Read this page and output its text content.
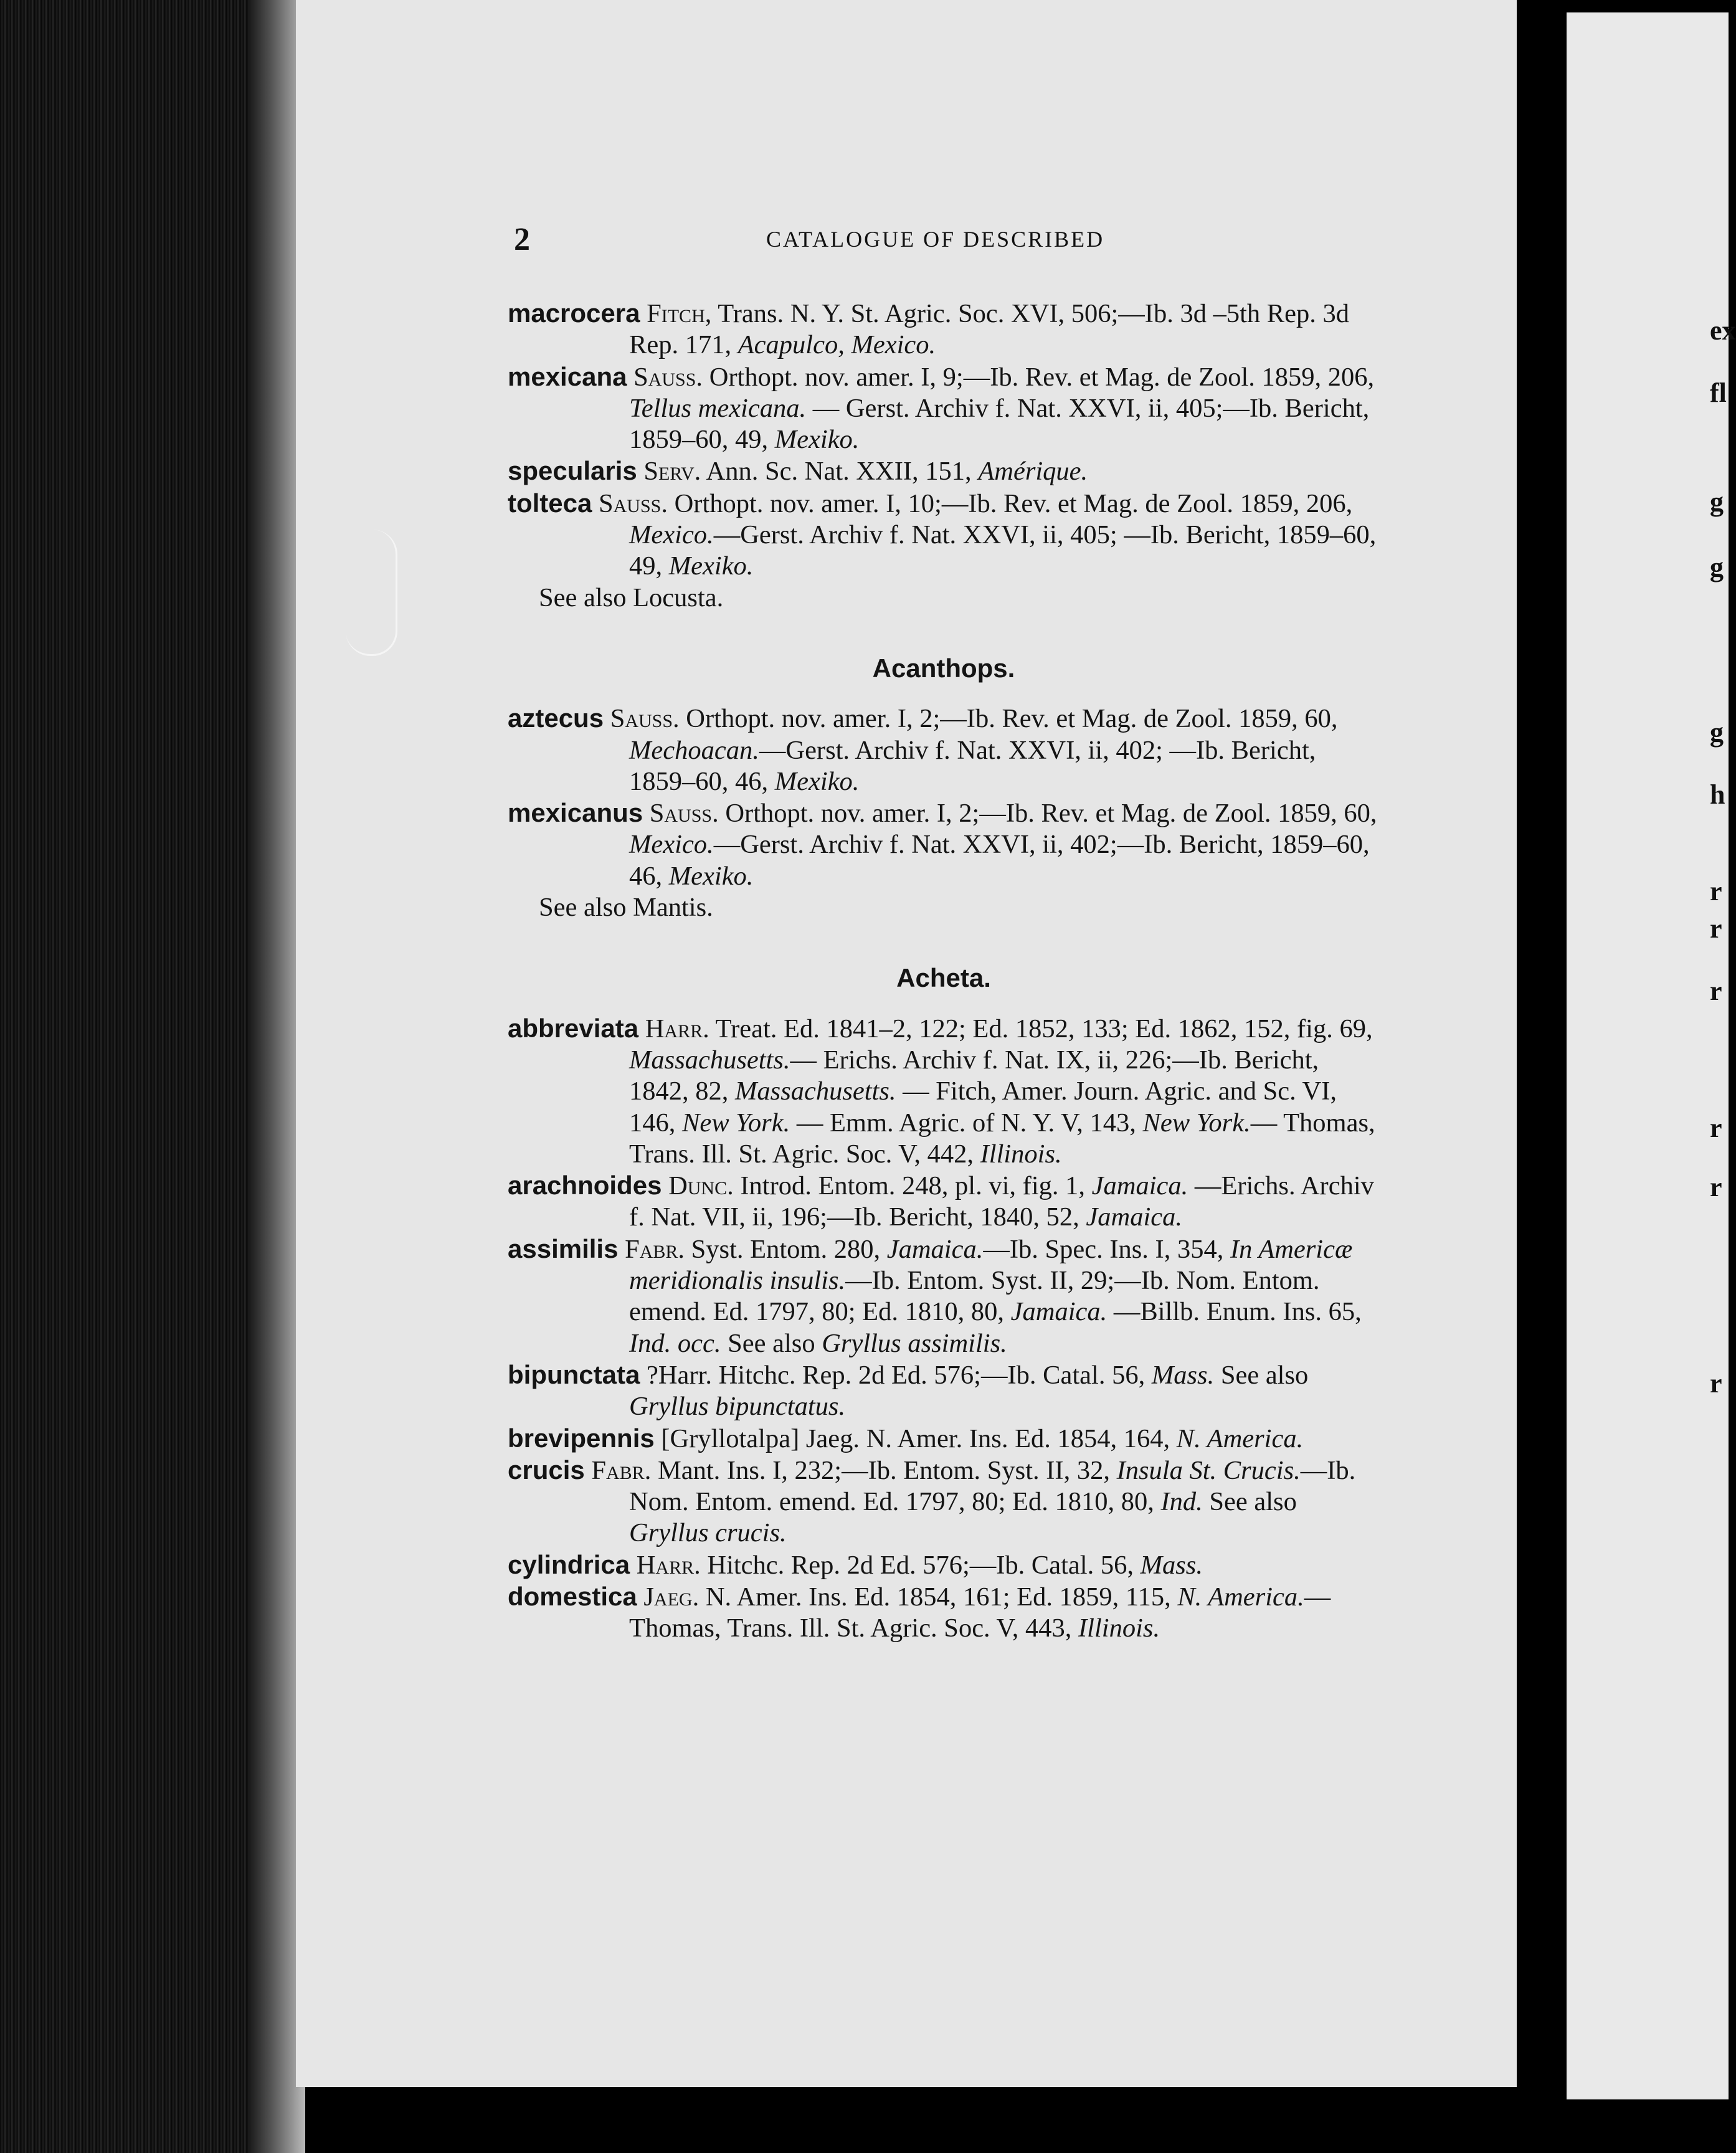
ex
fl
g
g
g
h
r
r
r
r
r
r
2	CATALOGUE OF DESCRIBED
macrocera Fitch, Trans. N. Y. St. Agric. Soc. XVI, 506;—Ib. 3d –5th Rep. 3d Rep. 171, Acapulco, Mexico.
mexicana Sauss. Orthopt. nov. amer. I, 9;—Ib. Rev. et Mag. de Zool. 1859, 206, Tellus mexicana. — Gerst. Archiv f. Nat. XXVI, ii, 405;—Ib. Bericht, 1859–60, 49, Mexiko.
specularis Serv. Ann. Sc. Nat. XXII, 151, Amérique.
tolteca Sauss. Orthopt. nov. amer. I, 10;—Ib. Rev. et Mag. de Zool. 1859, 206, Mexico.—Gerst. Archiv f. Nat. XXVI, ii, 405; —Ib. Bericht, 1859–60, 49, Mexiko.
See also Locusta.
Acanthops.
aztecus Sauss. Orthopt. nov. amer. I, 2;—Ib. Rev. et Mag. de Zool. 1859, 60, Mechoacan.—Gerst. Archiv f. Nat. XXVI, ii, 402; —Ib. Bericht, 1859–60, 46, Mexiko.
mexicanus Sauss. Orthopt. nov. amer. I, 2;—Ib. Rev. et Mag. de Zool. 1859, 60, Mexico.—Gerst. Archiv f. Nat. XXVI, ii, 402;—Ib. Bericht, 1859–60, 46, Mexiko.
See also Mantis.
Acheta.
abbreviata Harr. Treat. Ed. 1841–2, 122; Ed. 1852, 133; Ed. 1862, 152, fig. 69, Massachusetts.— Erichs. Archiv f. Nat. IX, ii, 226;—Ib. Bericht, 1842, 82, Massachusetts. — Fitch, Amer. Journ. Agric. and Sc. VI, 146, New York. — Emm. Agric. of N. Y. V, 143, New York.— Thomas, Trans. Ill. St. Agric. Soc. V, 442, Illinois.
arachnoides Dunc. Introd. Entom. 248, pl. vi, fig. 1, Jamaica. —Erichs. Archiv f. Nat. VII, ii, 196;—Ib. Bericht, 1840, 52, Jamaica.
assimilis Fabr. Syst. Entom. 280, Jamaica.—Ib. Spec. Ins. I, 354, In Americæ meridionalis insulis.—Ib. Entom. Syst. II, 29;—Ib. Nom. Entom. emend. Ed. 1797, 80; Ed. 1810, 80, Jamaica. —Billb. Enum. Ins. 65, Ind. occ. See also Gryllus assimilis.
bipunctata ?Harr. Hitchc. Rep. 2d Ed. 576;—Ib. Catal. 56, Mass. See also Gryllus bipunctatus.
brevipennis [Gryllotalpa] Jaeg. N. Amer. Ins. Ed. 1854, 164, N. America.
crucis Fabr. Mant. Ins. I, 232;—Ib. Entom. Syst. II, 32, Insula St. Crucis.—Ib. Nom. Entom. emend. Ed. 1797, 80; Ed. 1810, 80, Ind. See also Gryllus crucis.
cylindrica Harr. Hitchc. Rep. 2d Ed. 576;—Ib. Catal. 56, Mass.
domestica Jaeg. N. Amer. Ins. Ed. 1854, 161; Ed. 1859, 115, N. America.—Thomas, Trans. Ill. St. Agric. Soc. V, 443, Illinois.
